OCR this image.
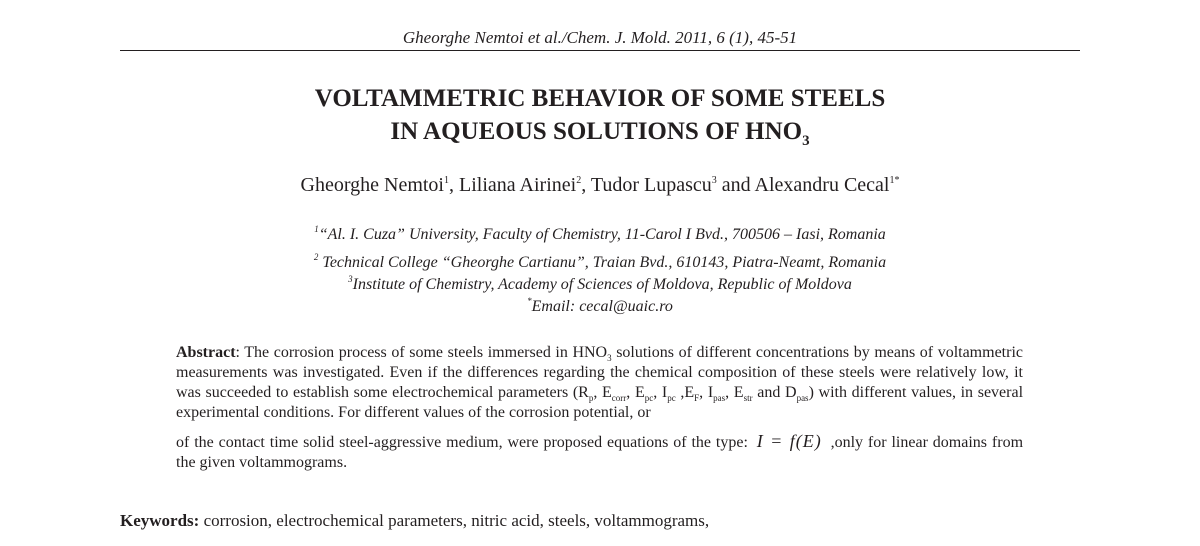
Gheorghe Nemtoi et al./Chem. J. Mold. 2011, 6 (1), 45-51
VOLTAMMETRIC BEHAVIOR OF SOME STEELS
IN AQUEOUS SOLUTIONS OF $HNO_3$
Gheorghe Nemtoi$^1$, Liliana Airinei$^2$, Tudor Lupascu$^3$ and Alexandru Cecal$^{1*}$
$^1$“Al. I. Cuza” University, Faculty of Chemistry, 11-Carol I Bvd., 700506 – Iasi, Romania
$^2$ Technical College “Gheorghe Cartianu”, Traian Bvd., 610143, Piatra-Neamt, Romania
$^3$Institute of Chemistry, Academy of Sciences of Moldova, Republic of Moldova
*Email: cecal@uaic.ro

Abstract: The corrosion process of some steels immersed in $HNO_3$ solutions of different concentrations by means of voltammetric measurements was investigated. Even if the differences regarding the chemical composition of these steels were relatively low, it was succeeded to establish some electrochemical parameters ($R_p$, $E_{corr}$, $E_{pc}$, $I_{pc}$ $,E_F$, $I_{pas}$, $E_{str}$ and $D_{pas}$) with different values, in several experimental conditions. For different values of the corrosion potential, or
of the contact time solid steel-aggressive medium, were proposed equations of the type: I = f(E) ,only for linear domains from the given voltammograms.

Keywords: corrosion, electrochemical parameters, nitric acid, steels, voltammograms,
